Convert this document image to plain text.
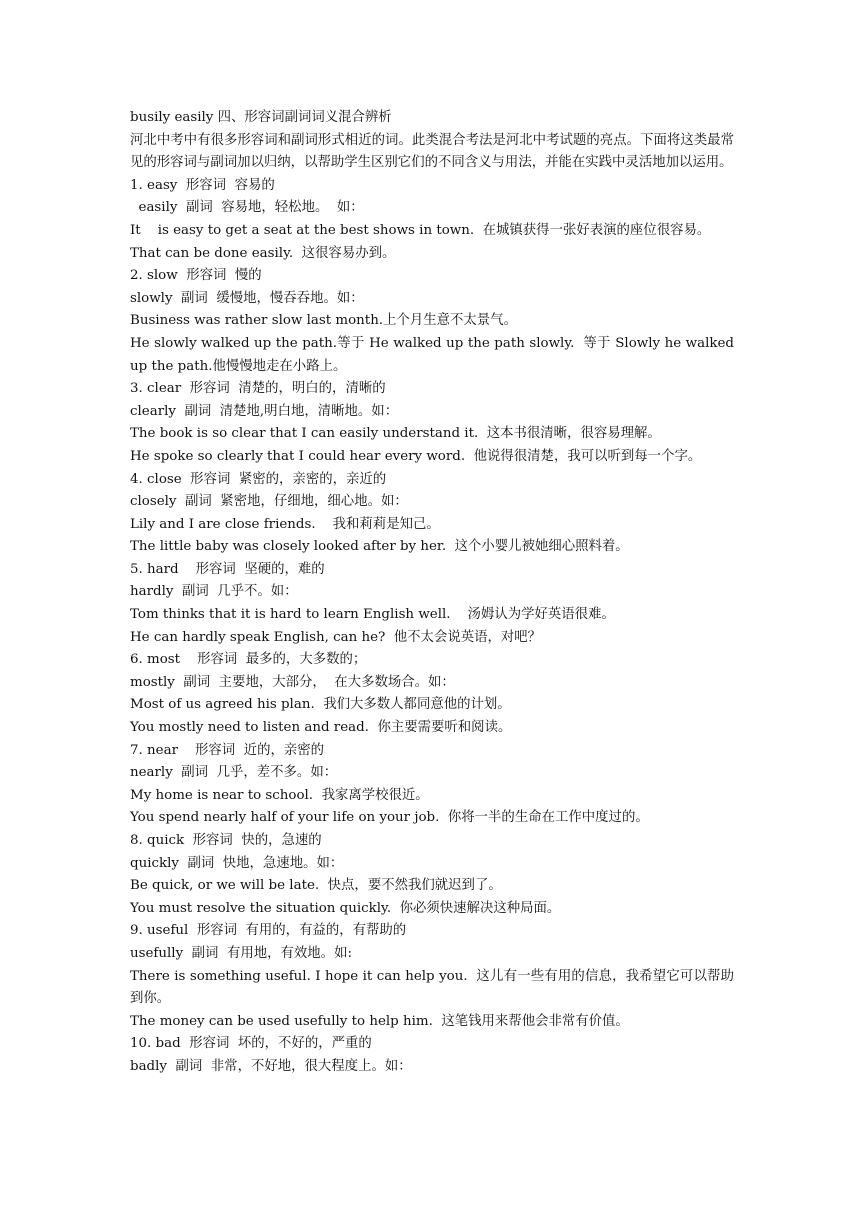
busily easily 四、形容词副词词义混合辨析
河北中考中有很多形容词和副词形式相近的词。此类混合考法是河北中考试题的亮点。下面将这类最常见的形容词与副词加以归纳，以帮助学生区别它们的不同含义与用法，并能在实践中灵活地加以运用。
1. easy  形容词  容易的
easily  副词  容易地，轻松地。  如：
It    is easy to get a seat at the best shows in town.  在城镇获得一张好表演的座位很容易。
That can be done easily.  这很容易办到。
2. slow  形容词  慢的
slowly  副词  缓慢地，慢吞吞地。如：
Business was rather slow last month.上个月生意不太景气。
He slowly walked up the path.等于 He walked up the path slowly.  等于 Slowly he walked up the path.他慢慢地走在小路上。
3. clear  形容词  清楚的，明白的，清晰的
clearly  副词  清楚地,明白地，清晰地。如：
The book is so clear that I can easily understand it.  这本书很清晰，很容易理解。
He spoke so clearly that I could hear every word.  他说得很清楚，我可以听到每一个字。
4. close  形容词  紧密的，亲密的，亲近的
closely  副词  紧密地，仔细地，细心地。如：
Lily and I are close friends.    我和莉莉是知己。
The little baby was closely looked after by her.  这个小婴儿被她细心照料着。
5. hard    形容词  坚硬的，难的
hardly  副词  几乎不。如：
Tom thinks that it is hard to learn English well.    汤姆认为学好英语很难。
He can hardly speak English, can he?  他不太会说英语，对吧？
6. most    形容词  最多的，大多数的；
mostly  副词  主要地，大部分，  在大多数场合。如：
Most of us agreed his plan.  我们大多数人都同意他的计划。
You mostly need to listen and read.  你主要需要听和阅读。
7. near    形容词  近的，亲密的
nearly  副词  几乎，差不多。如：
My home is near to school.  我家离学校很近。
You spend nearly half of your life on your job.  你将一半的生命在工作中度过的。
8. quick  形容词  快的，急速的
quickly  副词  快地，急速地。如：
Be quick, or we will be late.  快点，要不然我们就迟到了。
You must resolve the situation quickly.  你必须快速解决这种局面。
9. useful  形容词  有用的，有益的，有帮助的
usefully  副词  有用地，有效地。如:
There is something useful. I hope it can help you.  这儿有一些有用的信息，我希望它可以帮助到你。
The money can be used usefully to help him.  这笔钱用来帮他会非常有价值。
10. bad  形容词  坏的，不好的，严重的
badly  副词  非常，不好地，很大程度上。如：
